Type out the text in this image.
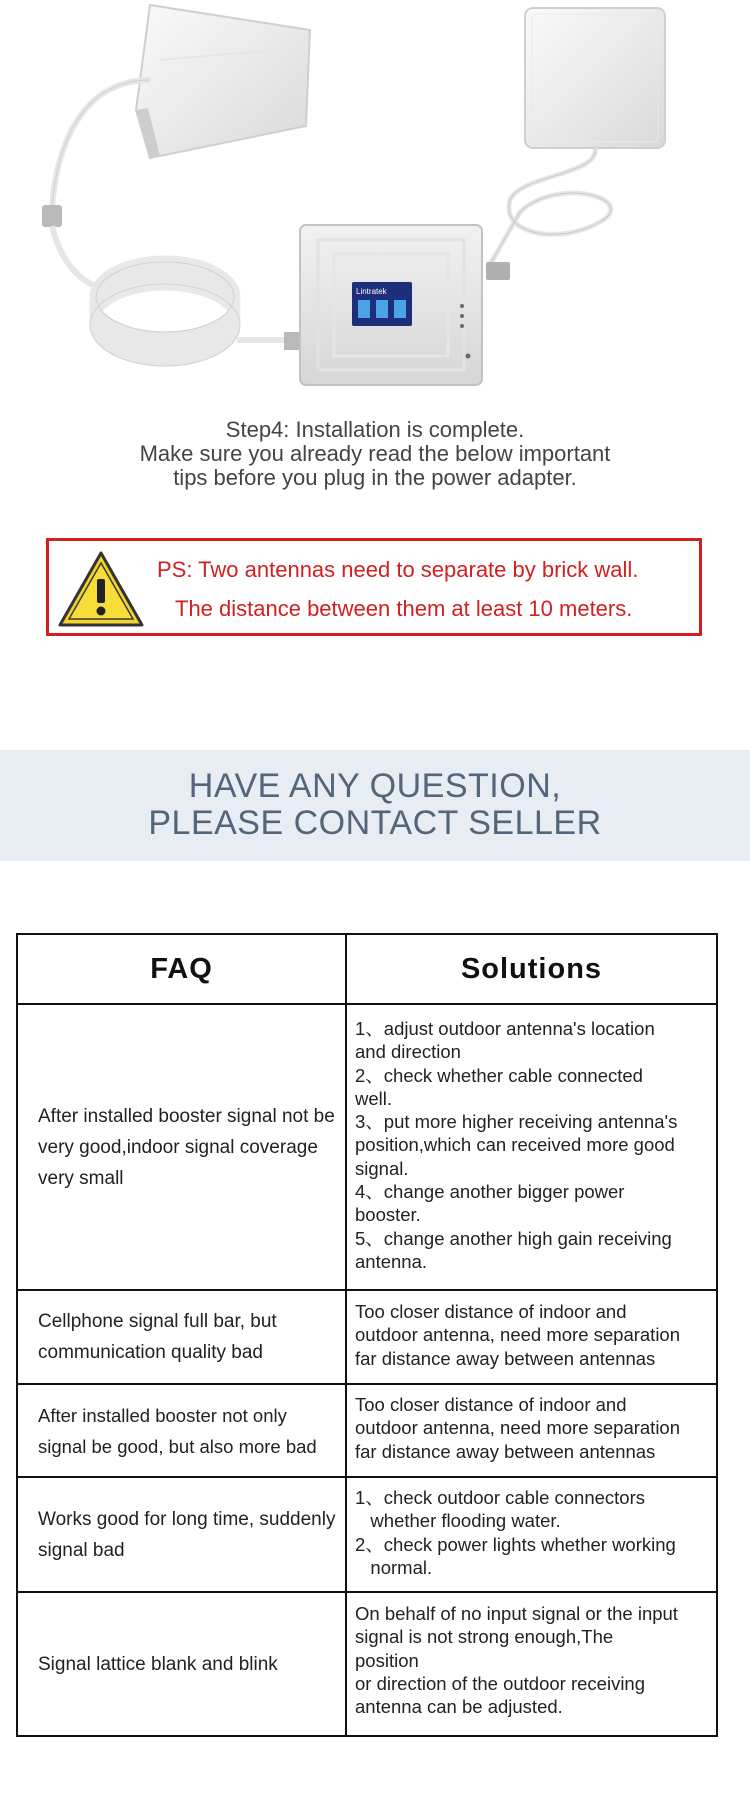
Lintratek
Step4: Installation is complete.
Make sure you already read the below important
tips before you plug in the power adapter.
PS: Two antennas need to separate by brick wall.
The distance between them at least 10 meters.
HAVE ANY QUESTION,
PLEASE CONTACT SELLER
FAQ	Solutions
After installed booster signal not be very good,indoor signal coverage very small
1、adjust outdoor antenna's location
and direction
2、check whether cable connected
well.
3、put more higher receiving antenna's
position,which can received more good
signal.
4、change another bigger power
booster.
5、change another high gain receiving
antenna.
Cellphone signal full bar, but communication quality bad
Too closer distance of indoor and
outdoor antenna, need more separation
far distance away between antennas
After installed booster not only signal be good, but also more bad
Too closer distance of indoor and
outdoor antenna, need more separation
far distance away between antennas
Works good for long time, suddenly signal bad
1、check outdoor cable connectors
whether flooding water.
2、check power lights whether working
normal.
Signal lattice blank and blink
On behalf of no input signal or the input
signal is not strong enough,The
position
or direction of the outdoor receiving
antenna can be adjusted.
